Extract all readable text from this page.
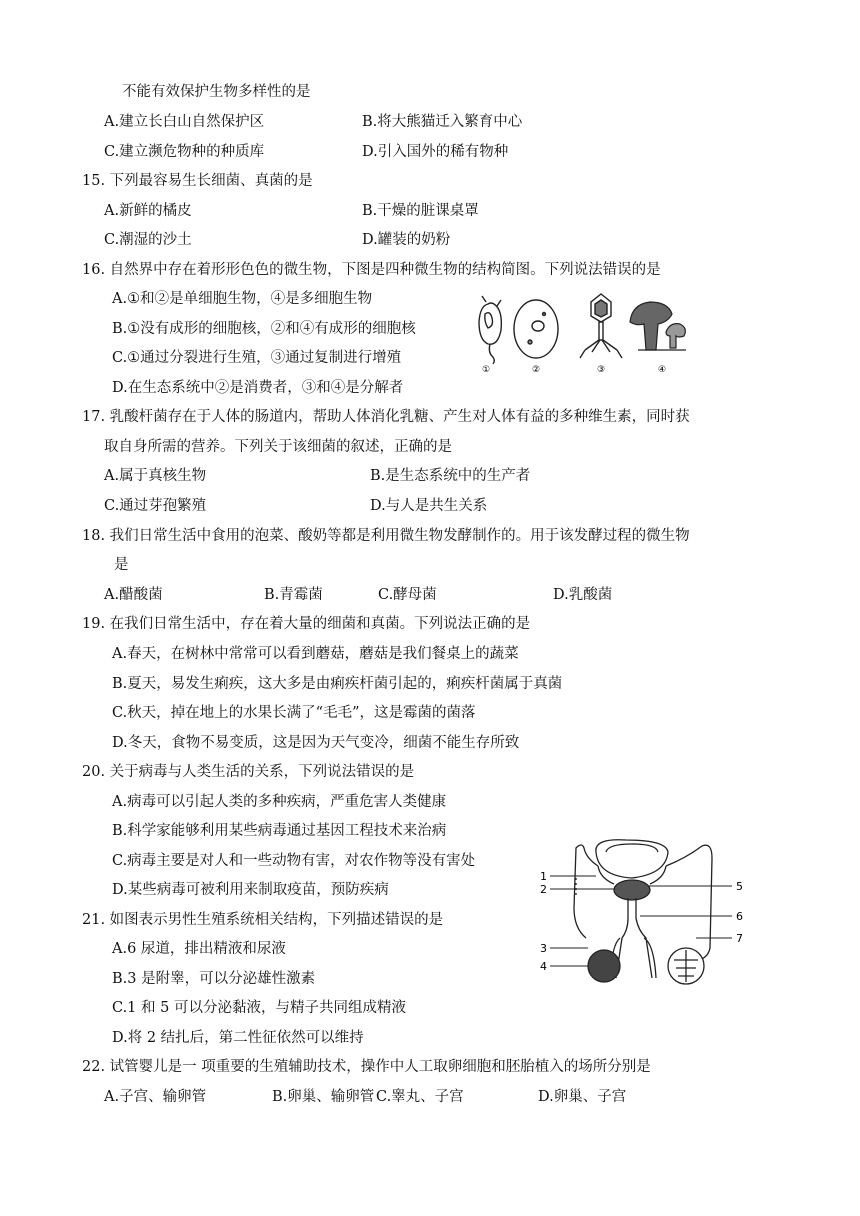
不能有效保护生物多样性的是
A.建立长白山自然保护区	B.将大熊猫迁入繁育中心
C.建立濒危物种的种质库	D.引入国外的稀有物种
15. 下列最容易生长细菌、真菌的是
A.新鲜的橘皮	B.干燥的脏课桌罩
C.潮湿的沙土	D.罐装的奶粉
16. 自然界中存在着形形色色的微生物，下图是四种微生物的结构简图。下列说法错误的是
A.①和②是单细胞生物，④是多细胞生物
B.①没有成形的细胞核，②和④有成形的细胞核
C.①通过分裂进行生殖，③通过复制进行增殖
D.在生态系统中②是消费者，③和④是分解者
①	②	③	④
17. 乳酸杆菌存在于人体的肠道内，帮助人体消化乳糖、产生对人体有益的多种维生素，同时获
取自身所需的营养。下列关于该细菌的叙述，正确的是
A.属于真核生物	B.是生态系统中的生产者
C.通过芽孢繁殖	D.与人是共生关系
18. 我们日常生活中食用的泡菜、酸奶等都是利用微生物发酵制作的。用于该发酵过程的微生物
是
A.醋酸菌	B.青霉菌	C.酵母菌	D.乳酸菌
19. 在我们日常生活中，存在着大量的细菌和真菌。下列说法正确的是
A.春天，在树林中常常可以看到蘑菇，蘑菇是我们餐桌上的蔬菜
B.夏天，易发生痢疾，这大多是由痢疾杆菌引起的，痢疾杆菌属于真菌
C.秋天，掉在地上的水果长满了“毛毛”，这是霉菌的菌落
D.冬天，食物不易变质，这是因为天气变冷，细菌不能生存所致
20. 关于病毒与人类生活的关系，下列说法错误的是
A.病毒可以引起人类的多种疾病，严重危害人类健康
B.科学家能够利用某些病毒通过基因工程技术来治病
C.病毒主要是对人和一些动物有害，对农作物等没有害处
D.某些病毒可被利用来制取疫苗，预防疾病
21. 如图表示男性生殖系统相关结构，下列描述错误的是
A.6 尿道，排出精液和尿液
B.3 是附睾，可以分泌雄性激素
C.1 和 5 可以分泌黏液，与精子共同组成精液
D.将 2 结扎后，第二性征依然可以维持
1
2
3
4
5
6
7
22. 试管婴儿是一 项重要的生殖辅助技术，操作中人工取卵细胞和胚胎植入的场所分别是
A.子宫、输卵管	B.卵巢、输卵管 C.睾丸、子宫	D.卵巢、子宫
